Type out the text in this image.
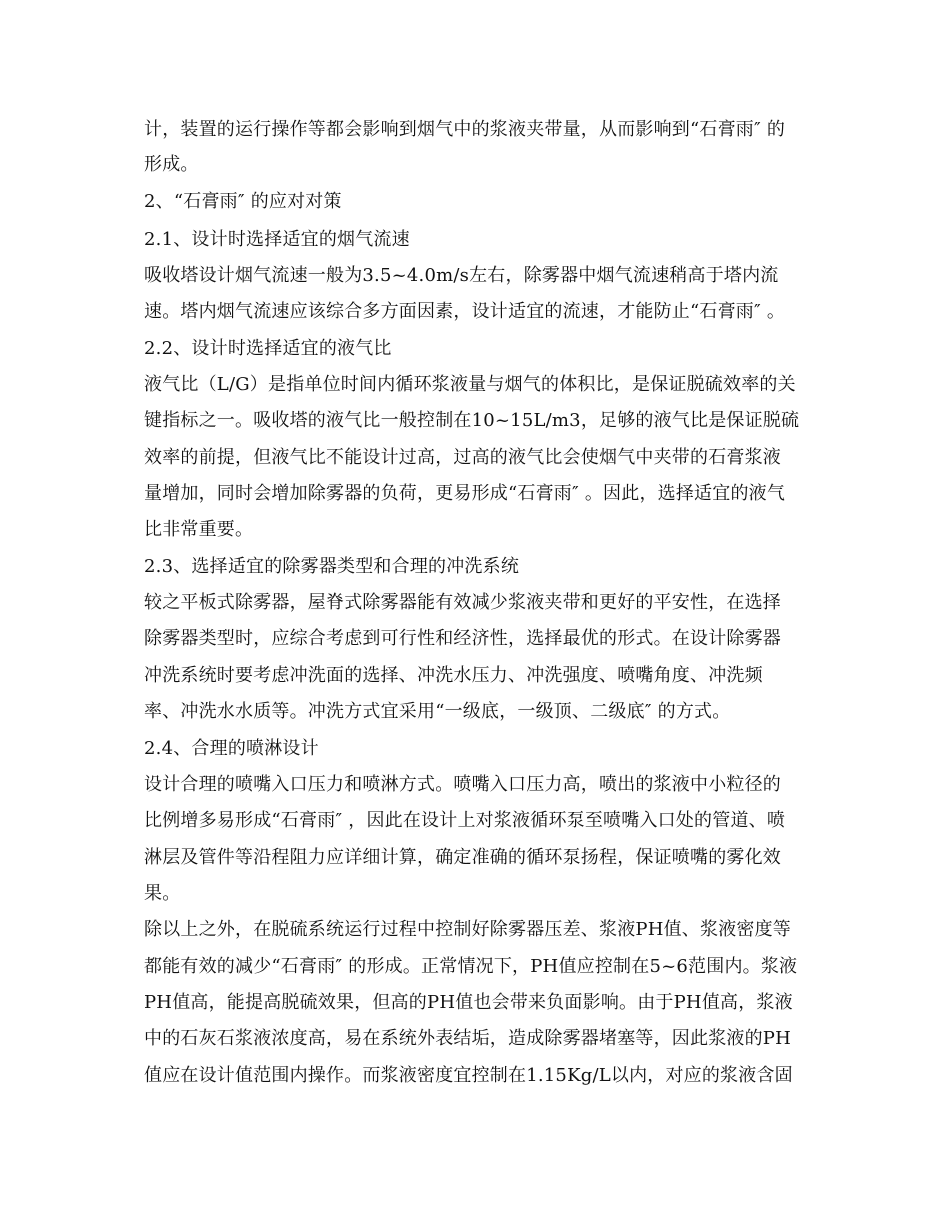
计，装置的运行操作等都会影响到烟气中的浆液夹带量，从而影响到“石膏雨″ 的
形成。
2、“石膏雨″ 的应对对策
2.1、设计时选择适宜的烟气流速
吸收塔设计烟气流速一般为3.5~4.0m/s左右，除雾器中烟气流速稍高于塔内流
速。塔内烟气流速应该综合多方面因素，设计适宜的流速，才能防止“石膏雨″ 。
2.2、设计时选择适宜的液气比
液气比（L/G）是指单位时间内循环浆液量与烟气的体积比，是保证脱硫效率的关
键指标之一。吸收塔的液气比一般控制在10~15L/m3，足够的液气比是保证脱硫
效率的前提，但液气比不能设计过高，过高的液气比会使烟气中夹带的石膏浆液
量增加，同时会增加除雾器的负荷，更易形成“石膏雨″ 。因此，选择适宜的液气
比非常重要。
2.3、选择适宜的除雾器类型和合理的冲洗系统
较之平板式除雾器，屋脊式除雾器能有效减少浆液夹带和更好的平安性，在选择
除雾器类型时，应综合考虑到可行性和经济性，选择最优的形式。在设计除雾器
冲洗系统时要考虑冲洗面的选择、冲洗水压力、冲洗强度、喷嘴角度、冲洗频
率、冲洗水水质等。冲洗方式宜采用“一级底，一级顶、二级底″ 的方式。
2.4、合理的喷淋设计
设计合理的喷嘴入口压力和喷淋方式。喷嘴入口压力高，喷出的浆液中小粒径的
比例增多易形成“石膏雨″ ，因此在设计上对浆液循环泵至喷嘴入口处的管道、喷
淋层及管件等沿程阻力应详细计算，确定准确的循环泵扬程，保证喷嘴的雾化效
果。
除以上之外，在脱硫系统运行过程中控制好除雾器压差、浆液PH值、浆液密度等
都能有效的减少“石膏雨″ 的形成。正常情况下，PH值应控制在5~6范围内。浆液
PH值高，能提高脱硫效果，但高的PH值也会带来负面影响。由于PH值高，浆液
中的石灰石浆液浓度高，易在系统外表结垢，造成除雾器堵塞等，因此浆液的PH
值应在设计值范围内操作。而浆液密度宜控制在1.15Kg/L以内，对应的浆液含固
